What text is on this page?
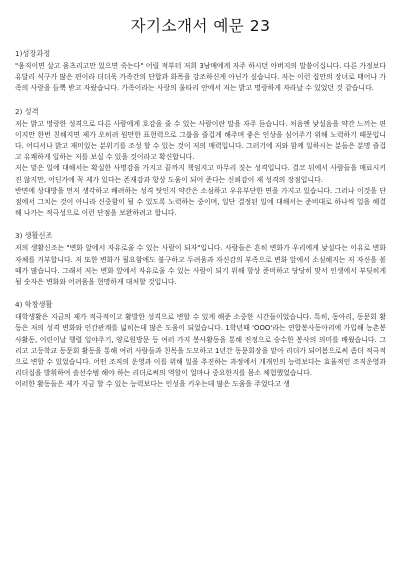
자기소개서 예문 23
1)성장과정

"움직이면 살고 움츠리고만 있으면 죽는다" 어릴 적부터 저희 3남매에게 자주 하시던 아버지의 말씀이십니다. 다른 가정보다 유달리 식구가 많은 편이라 더더욱 가족간의 단합과 화목을 강조하신게 아닌가 싶습니다. 저는 이런 집안의 장녀로 태어나 가족의 사랑을 듬뿍 받고 자랐습니다. 가족이라는 사랑의 울타리 안에서 저는 밝고 명랑하게 자라날 수 있었던 것 같습니다.

2) 성격

저는 밝고 명랑한 성격으로 다른 사람에게 호감을 줄 수 있는 사람이란 말을 자주 듣습니다. 처음엔 낯설음을 약간 느끼는 편이지만 한번 친해지면 제가 오히려 원만한 표현력으로 그룹을 즐겁게 해주며 좋은 인상을 심어주기 위해 노력하기 때문입니다. 어디서나 밝고 재미있는 분위기를 조성 할 수 있는 것이 저의 매력입니다. 그러기에 저와 함께 일하시는 분들은 분명 즐겁고 유쾌하게 일하는 저를 보실 수 있을 것이라고 확신합니다.

저는 맡은 일에 대해서는 확실한 사명감을 가지고 끝까지 책임지고 마무리 짓는 성격입니다. 결코 뒤에서 사람들을 매료시키진 않지만, 어딘가에 꼭 제가 있다는 존재감과 항상 도움이 되어 준다는 신뢰감이 제 성격의 장점입니다.

반면에 상대방을 먼저 생각하고 배려하는 성격 탓인지 약간은 소심하고 우유부단한 면을 가지고 있습니다. 그러나 이것을 단점에서 그치는 것이 아니라 신중함이 될 수 있도록 노력하는 중이며, 일단 결정된 일에 대해서는 준비대로 하나씩 일을 해결해 나가는 적극성으로 이런 단점을 보완하려고 합니다.

3) 생활신조

저의 생활신조는 "변화 앞에서 자유로울 수 있는 사람이 되자"입니다. 사람들은 흔히 변화가 우리에게 낯설다는 이유로 변화 자체를 거부합니다. 저 또한 변화가 필요함에도 불구하고 두려움과 자신감의 부족으로 변화 앞에서 소심해지는 저 자신을 볼 때가 많습니다. 그래서 저는 변화 앞에서 자유로울 수 있는 사람이 되기 위해 항상 준비하고 당당히 맞서 인생에서 부딪히게 될 숫자은 변화와 어려움을 현명하게 대처할 것입니다.

4) 학창생활

대학생활은 지금의 제가 적극적이고 활발한 성격으로 변할 수 있게 해준 소중한 시간들이었습니다. 특히, 동아리, 동문회 활동은 저의 성격 변화와 인간관계를 넓히는데 많은 도움이 되었습니다. 1학년때 'OOO'라는 연합봉사동아리에 가입해 농촌봉사활동, 어린이날 행렬 일야주기, 양로원방문 등 여러 가지 봉사활동을 통해 진정으로 승수한 봉사의 의미를 배웠습니다. 그리고 고등학교 동문회 활동을 통해 여러 사람들과 친목을 도모하고 1년간 동문회장을 맡아 리더가 되어봄으로써 좀더 적극적으로 변할 수 있었습니다. 어떤 조직의 운영과 이를 위해 일을 추진하는 과정에서 개개인의 능력보다는 효율적인 조직운영과 리더십을 발휘하여 솔선수범 해야 하는 리더로써의 역할이 얼마나 중요한지를 몸소 체험했었습니다.

이러한 활동들은 제가 지금 할 수 있는 능력보다는 인성을 키우는데 많은 도움을 주었다고 생
